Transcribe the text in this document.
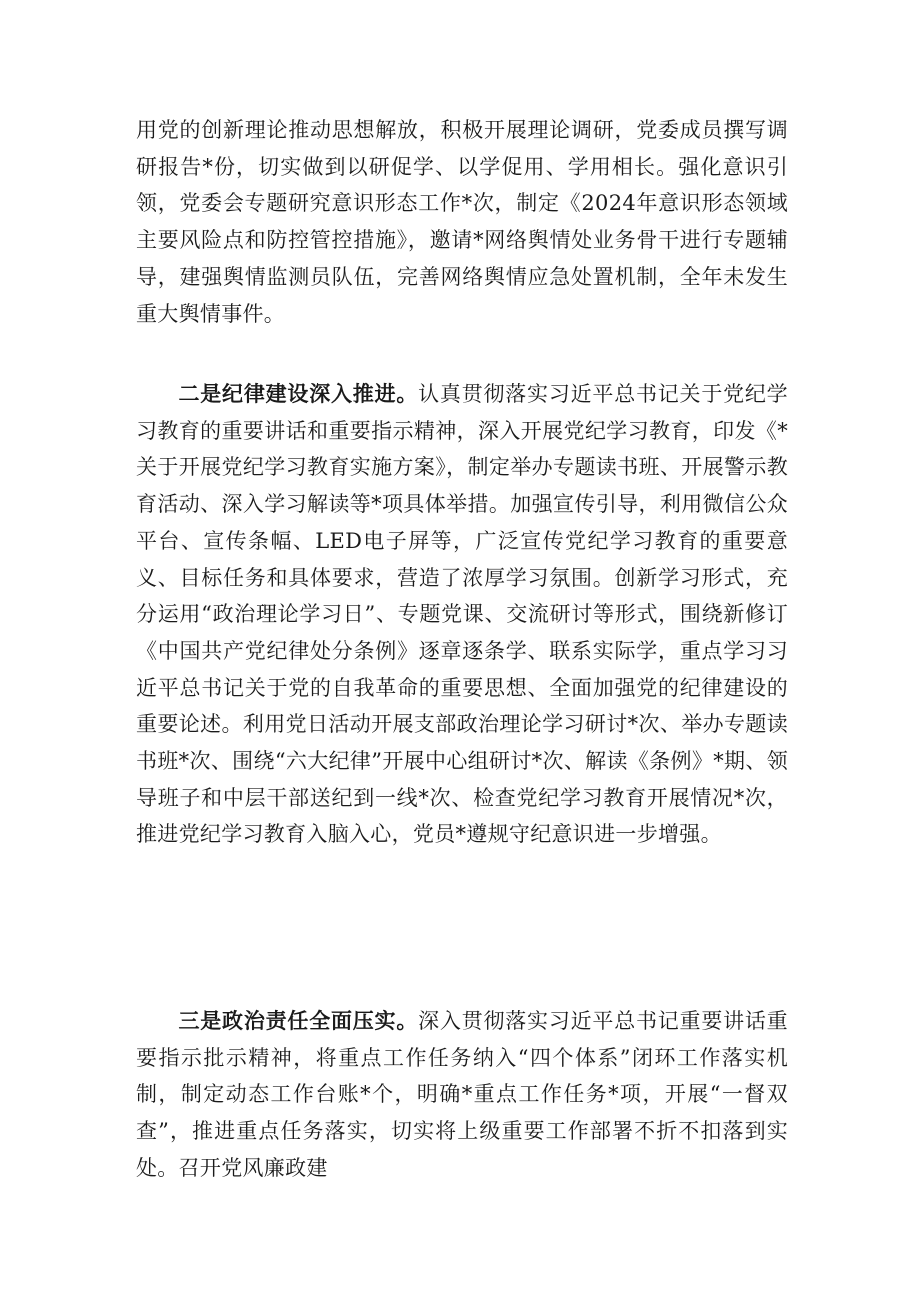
用党的创新理论推动思想解放，积极开展理论调研，党委成员撰写调研报告*份，切实做到以研促学、以学促用、学用相长。强化意识引领，党委会专题研究意识形态工作*次，制定《2024年意识形态领域主要风险点和防控管控措施》，邀请*网络舆情处业务骨干进行专题辅导，建强舆情监测员队伍，完善网络舆情应急处置机制，全年未发生重大舆情事件。

二是纪律建设深入推进。认真贯彻落实习近平总书记关于党纪学习教育的重要讲话和重要指示精神，深入开展党纪学习教育，印发《*关于开展党纪学习教育实施方案》，制定举办专题读书班、开展警示教育活动、深入学习解读等*项具体举措。加强宣传引导，利用微信公众平台、宣传条幅、LED电子屏等，广泛宣传党纪学习教育的重要意义、目标任务和具体要求，营造了浓厚学习氛围。创新学习形式，充分运用“政治理论学习日”、专题党课、交流研讨等形式，围绕新修订《中国共产党纪律处分条例》逐章逐条学、联系实际学，重点学习习近平总书记关于党的自我革命的重要思想、全面加强党的纪律建设的重要论述。利用党日活动开展支部政治理论学习研讨*次、举办专题读书班*次、围绕“六大纪律”开展中心组研讨*次、解读《条例》*期、领导班子和中层干部送纪到一线*次、检查党纪学习教育开展情况*次，推进党纪学习教育入脑入心，党员*遵规守纪意识进一步增强。

三是政治责任全面压实。深入贯彻落实习近平总书记重要讲话重要指示批示精神，将重点工作任务纳入“四个体系”闭环工作落实机制，制定动态工作台账*个，明确*重点工作任务*项，开展“一督双查”，推进重点任务落实，切实将上级重要工作部署不折不扣落到实处。召开党风廉政建
